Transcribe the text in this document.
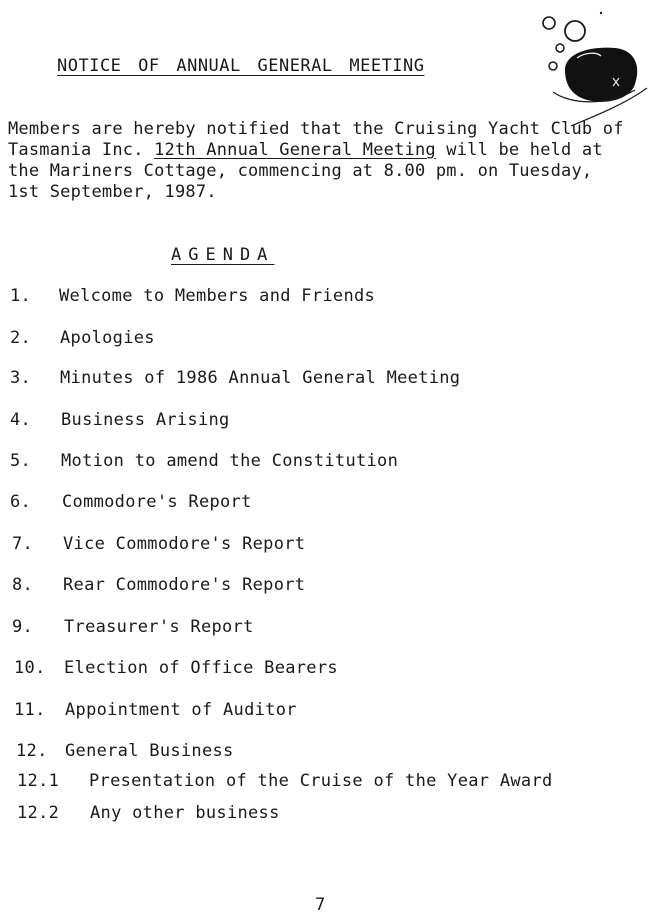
NOTICE OF ANNUAL GENERAL MEETING
Members are hereby notified that the Cruising Yacht Club of Tasmania Inc. 12th Annual General Meeting will be held at the Mariners Cottage, commencing at 8.00 pm. on Tuesday, 1st September, 1987.
AGENDA
1. Welcome to Members and Friends
2. Apologies
3. Minutes of 1986 Annual General Meeting
4. Business Arising
5. Motion to amend the Constitution
6. Commodore's Report
7. Vice Commodore's Report
8. Rear Commodore's Report
9. Treasurer's Report
10. Election of Office Bearers
11. Appointment of Auditor
12. General Business
12.1 Presentation of the Cruise of the Year Award
12.2 Any other business
7
